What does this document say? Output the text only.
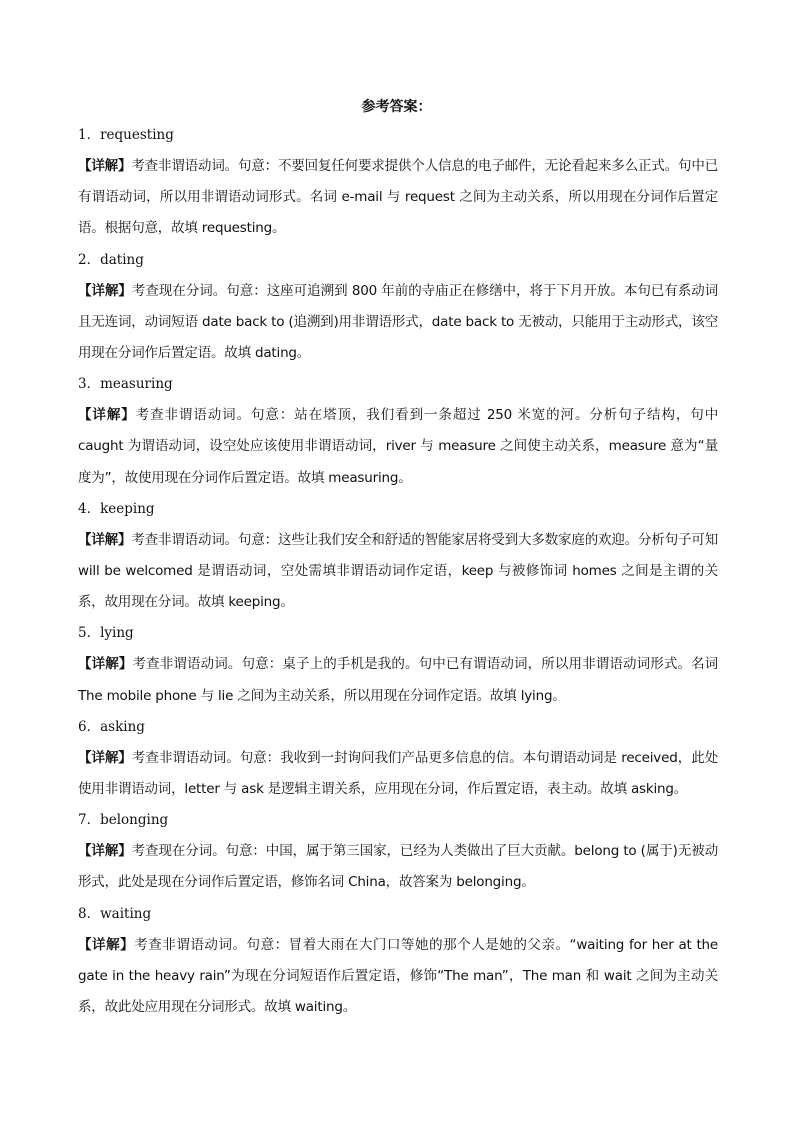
参考答案：
1．requesting
【详解】考查非谓语动词。句意：不要回复任何要求提供个人信息的电子邮件，无论看起来多么正式。句中已有谓语动词，所以用非谓语动词形式。名词 e-mail 与 request 之间为主动关系，所以用现在分词作后置定语。根据句意，故填 requesting。
2．dating
【详解】考查现在分词。句意：这座可追溯到 800 年前的寺庙正在修缮中，将于下月开放。本句已有系动词且无连词，动词短语 date back to (追溯到)用非谓语形式，date back to 无被动，只能用于主动形式，该空用现在分词作后置定语。故填 dating。
3．measuring
【详解】考查非谓语动词。句意：站在塔顶，我们看到一条超过 250 米宽的河。分析句子结构，句中 caught 为谓语动词，设空处应该使用非谓语动词，river 与 measure 之间使主动关系，measure 意为“量度为”，故使用现在分词作后置定语。故填 measuring。
4．keeping
【详解】考查非谓语动词。句意：这些让我们安全和舒适的智能家居将受到大多数家庭的欢迎。分析句子可知 will be welcomed 是谓语动词，空处需填非谓语动词作定语，keep 与被修饰词 homes 之间是主谓的关系，故用现在分词。故填 keeping。
5．lying
【详解】考查非谓语动词。句意：桌子上的手机是我的。句中已有谓语动词，所以用非谓语动词形式。名词 The mobile phone 与 lie 之间为主动关系，所以用现在分词作定语。故填 lying。
6．asking
【详解】考查非谓语动词。句意：我收到一封询问我们产品更多信息的信。本句谓语动词是 received，此处使用非谓语动词，letter 与 ask 是逻辑主谓关系，应用现在分词，作后置定语，表主动。故填 asking。
7．belonging
【详解】考查现在分词。句意：中国，属于第三国家，已经为人类做出了巨大贡献。belong to (属于)无被动形式，此处是现在分词作后置定语，修饰名词 China，故答案为 belonging。
8．waiting
【详解】考查非谓语动词。句意：冒着大雨在大门口等她的那个人是她的父亲。“waiting for her at the gate in the heavy rain”为现在分词短语作后置定语，修饰“The man”，The man 和 wait 之间为主动关系，故此处应用现在分词形式。故填 waiting。
